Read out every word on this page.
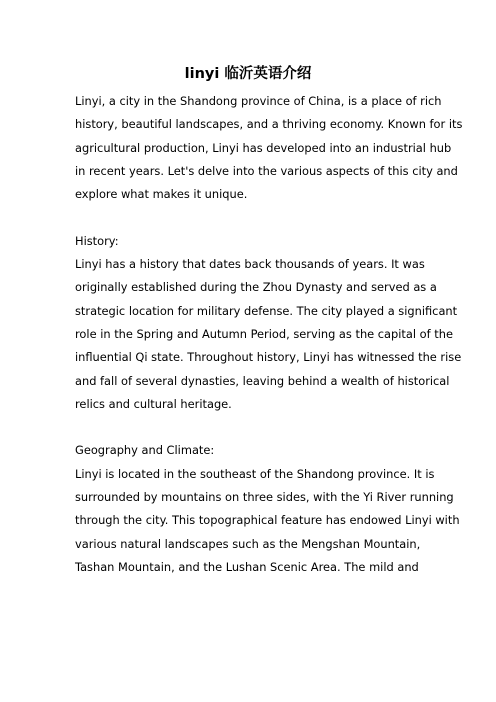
linyi 临沂英语介绍
Linyi, a city in the Shandong province of China, is a place of rich
history, beautiful landscapes, and a thriving economy. Known for its
agricultural production, Linyi has developed into an industrial hub
in recent years. Let's delve into the various aspects of this city and
explore what makes it unique.
History:
Linyi has a history that dates back thousands of years. It was
originally established during the Zhou Dynasty and served as a
strategic location for military defense. The city played a significant
role in the Spring and Autumn Period, serving as the capital of the
influential Qi state. Throughout history, Linyi has witnessed the rise
and fall of several dynasties, leaving behind a wealth of historical
relics and cultural heritage.
Geography and Climate:
Linyi is located in the southeast of the Shandong province. It is
surrounded by mountains on three sides, with the Yi River running
through the city. This topographical feature has endowed Linyi with
various natural landscapes such as the Mengshan Mountain,
Tashan Mountain, and the Lushan Scenic Area. The mild and
